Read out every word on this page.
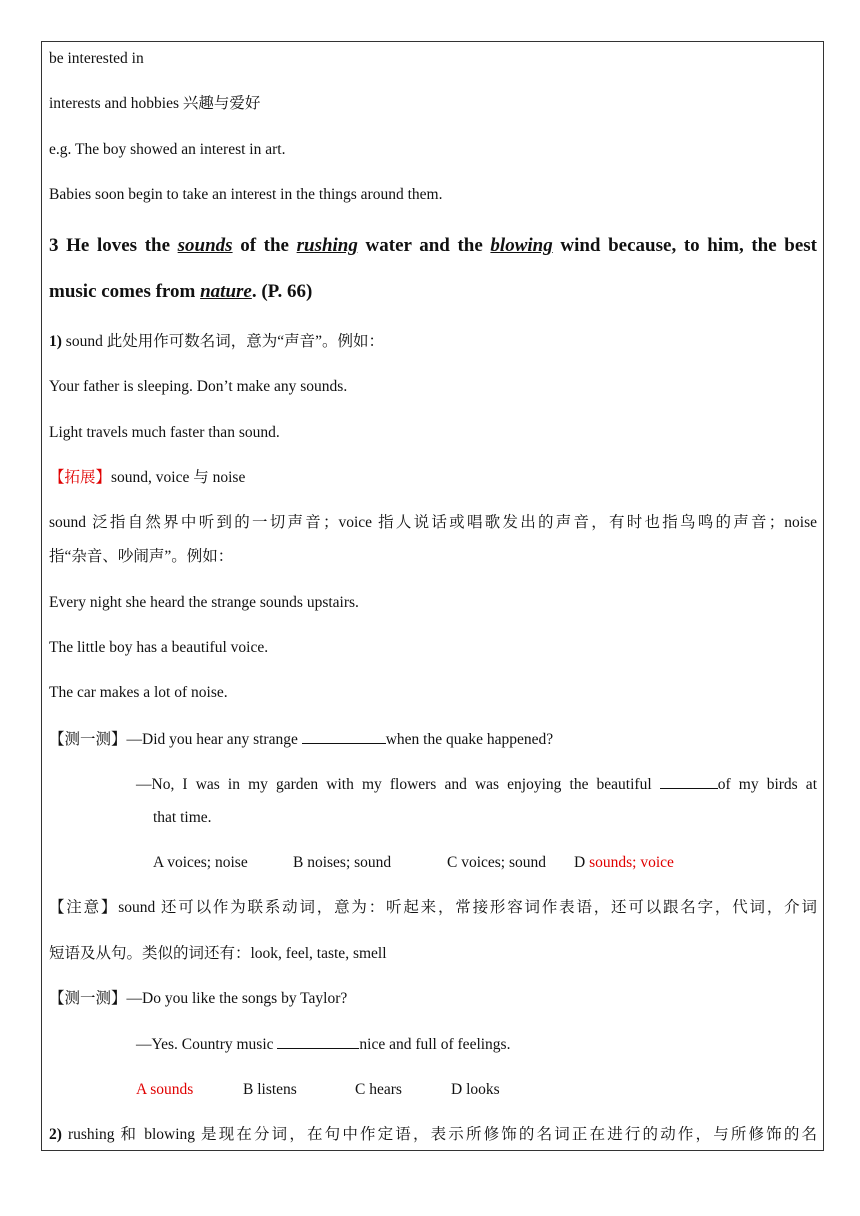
be interested in
interests and hobbies 兴趣与爱好
e.g. The boy showed an interest in art.
Babies soon begin to take an interest in the things around them.
3 He loves the sounds of the rushing water and the blowing wind because, to him, the best
music comes from nature. (P. 66)
1) sound 此处用作可数名词，意为“声音”。例如：
Your father is sleeping. Don’t make any sounds.
Light travels much faster than sound.
【拓展】sound, voice 与 noise
sound 泛指自然界中听到的一切声音；voice 指人说话或唱歌发出的声音，有时也指鸟鸣的声音；noise
指“杂音、吵闹声”。例如：
Every night she heard the strange sounds upstairs.
The little boy has a beautiful voice.
The car makes a lot of noise.
【测一测】—Did you hear any strange	when the quake happened?
—No, I was in my garden with my flowers and was enjoying the beautiful	of my birds at
that time.
A voices; noise	B noises; sound	C voices; sound D sounds; voice
【注意】sound 还可以作为联系动词，意为：听起来，常接形容词作表语，还可以跟名字，代词，介词
短语及从句。类似的词还有：look, feel, taste, smell
【测一测】—Do you like the songs by Taylor?
—Yes. Country music	nice and full of feelings.
A sounds	B listens	C hears	D looks
2) rushing 和 blowing 是现在分词，在句中作定语，表示所修饰的名词正在进行的动作，与所修饰的名
